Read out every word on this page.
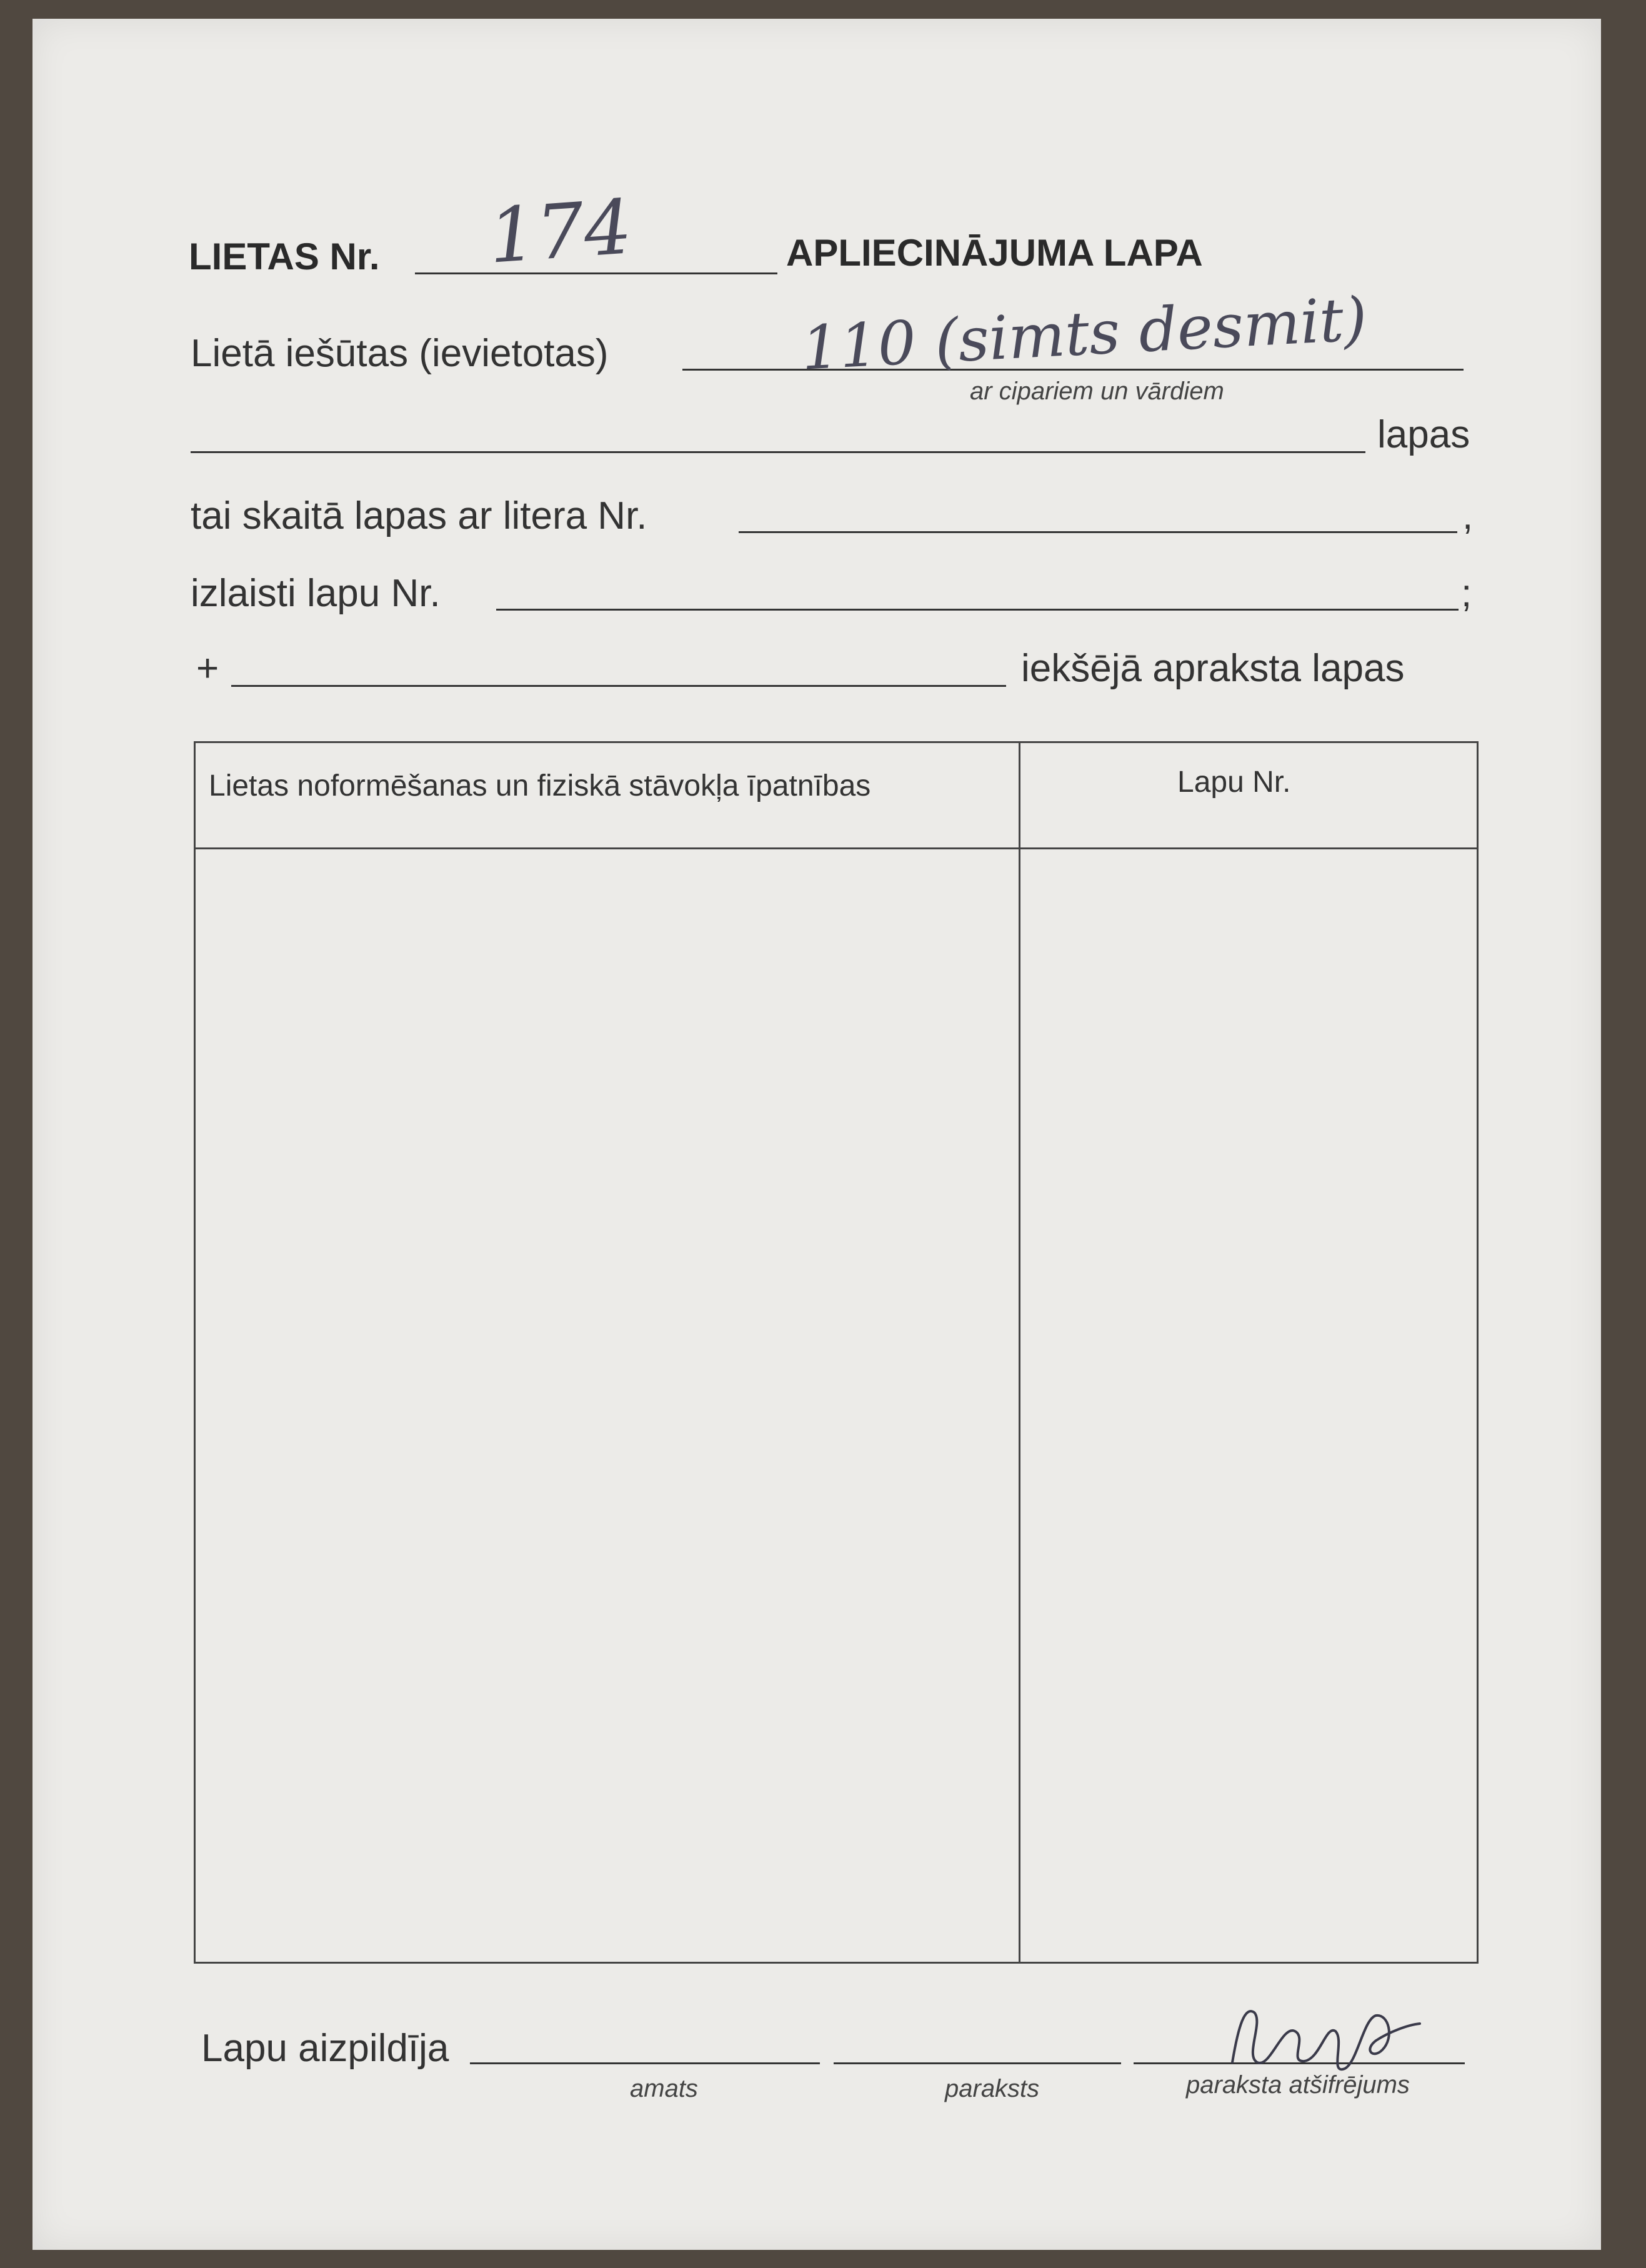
LIETAS Nr. 174	APLIECINĀJUMA LAPA
Lietā iešūtas (ievietotas)	110 (simts desmit)
ar cipariem un vārdiem
lapas
tai skaitā lapas ar litera Nr.	,
izlaisti lapu Nr.	;
+	iekšējā apraksta lapas
Lietas noformēšanas un fiziskā stāvokļa īpatnības	Lapu Nr.
Lapu aizpildīja
amats	paraksts	paraksta atšifrējums
